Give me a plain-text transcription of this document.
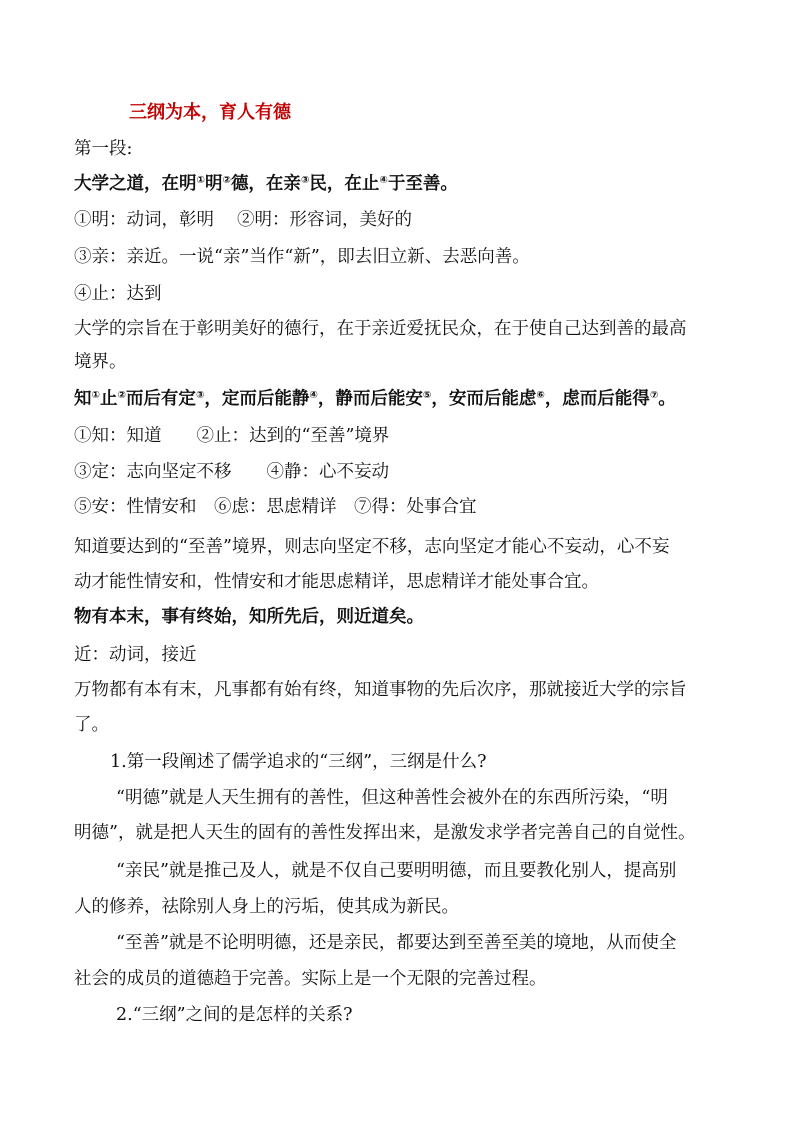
三纲为本，育人有德
第一段:
大学之道，在明①明②德，在亲③民，在止④于至善。
①明：动词，彰明　 ②明：形容词，美好的
③亲：亲近。一说“亲”当作“新”，即去旧立新、去恶向善。
④止：达到
大学的宗旨在于彰明美好的德行，在于亲近爱抚民众，在于使自己达到善的最高
境界。
知①止②而后有定③，定而后能静④，静而后能安⑤，安而后能虑⑥，虑而后能得⑦。
①知：知道　　②止：达到的“至善”境界
③定：志向坚定不移　　④静：心不妄动
⑤安：性情安和　⑥虑：思虑精详　⑦得：处事合宜
知道要达到的“至善”境界，则志向坚定不移，志向坚定才能心不妄动，心不妄
动才能性情安和，性情安和才能思虑精详，思虑精详才能处事合宜。
物有本末，事有终始，知所先后，则近道矣。
近：动词，接近
万物都有本有末，凡事都有始有终，知道事物的先后次序，那就接近大学的宗旨
了。
1.第一段阐述了儒学追求的“三纲”，三纲是什么?
“明德”就是人天生拥有的善性，但这种善性会被外在的东西所污染，“明
明德”，就是把人天生的固有的善性发挥出来，是激发求学者完善自己的自觉性。
“亲民”就是推己及人，就是不仅自己要明明德，而且要教化别人，提高别
人的修养，祛除别人身上的污垢，使其成为新民。
“至善”就是不论明明德，还是亲民，都要达到至善至美的境地，从而使全
社会的成员的道德趋于完善。实际上是一个无限的完善过程。
2.“三纲”之间的是怎样的关系?
